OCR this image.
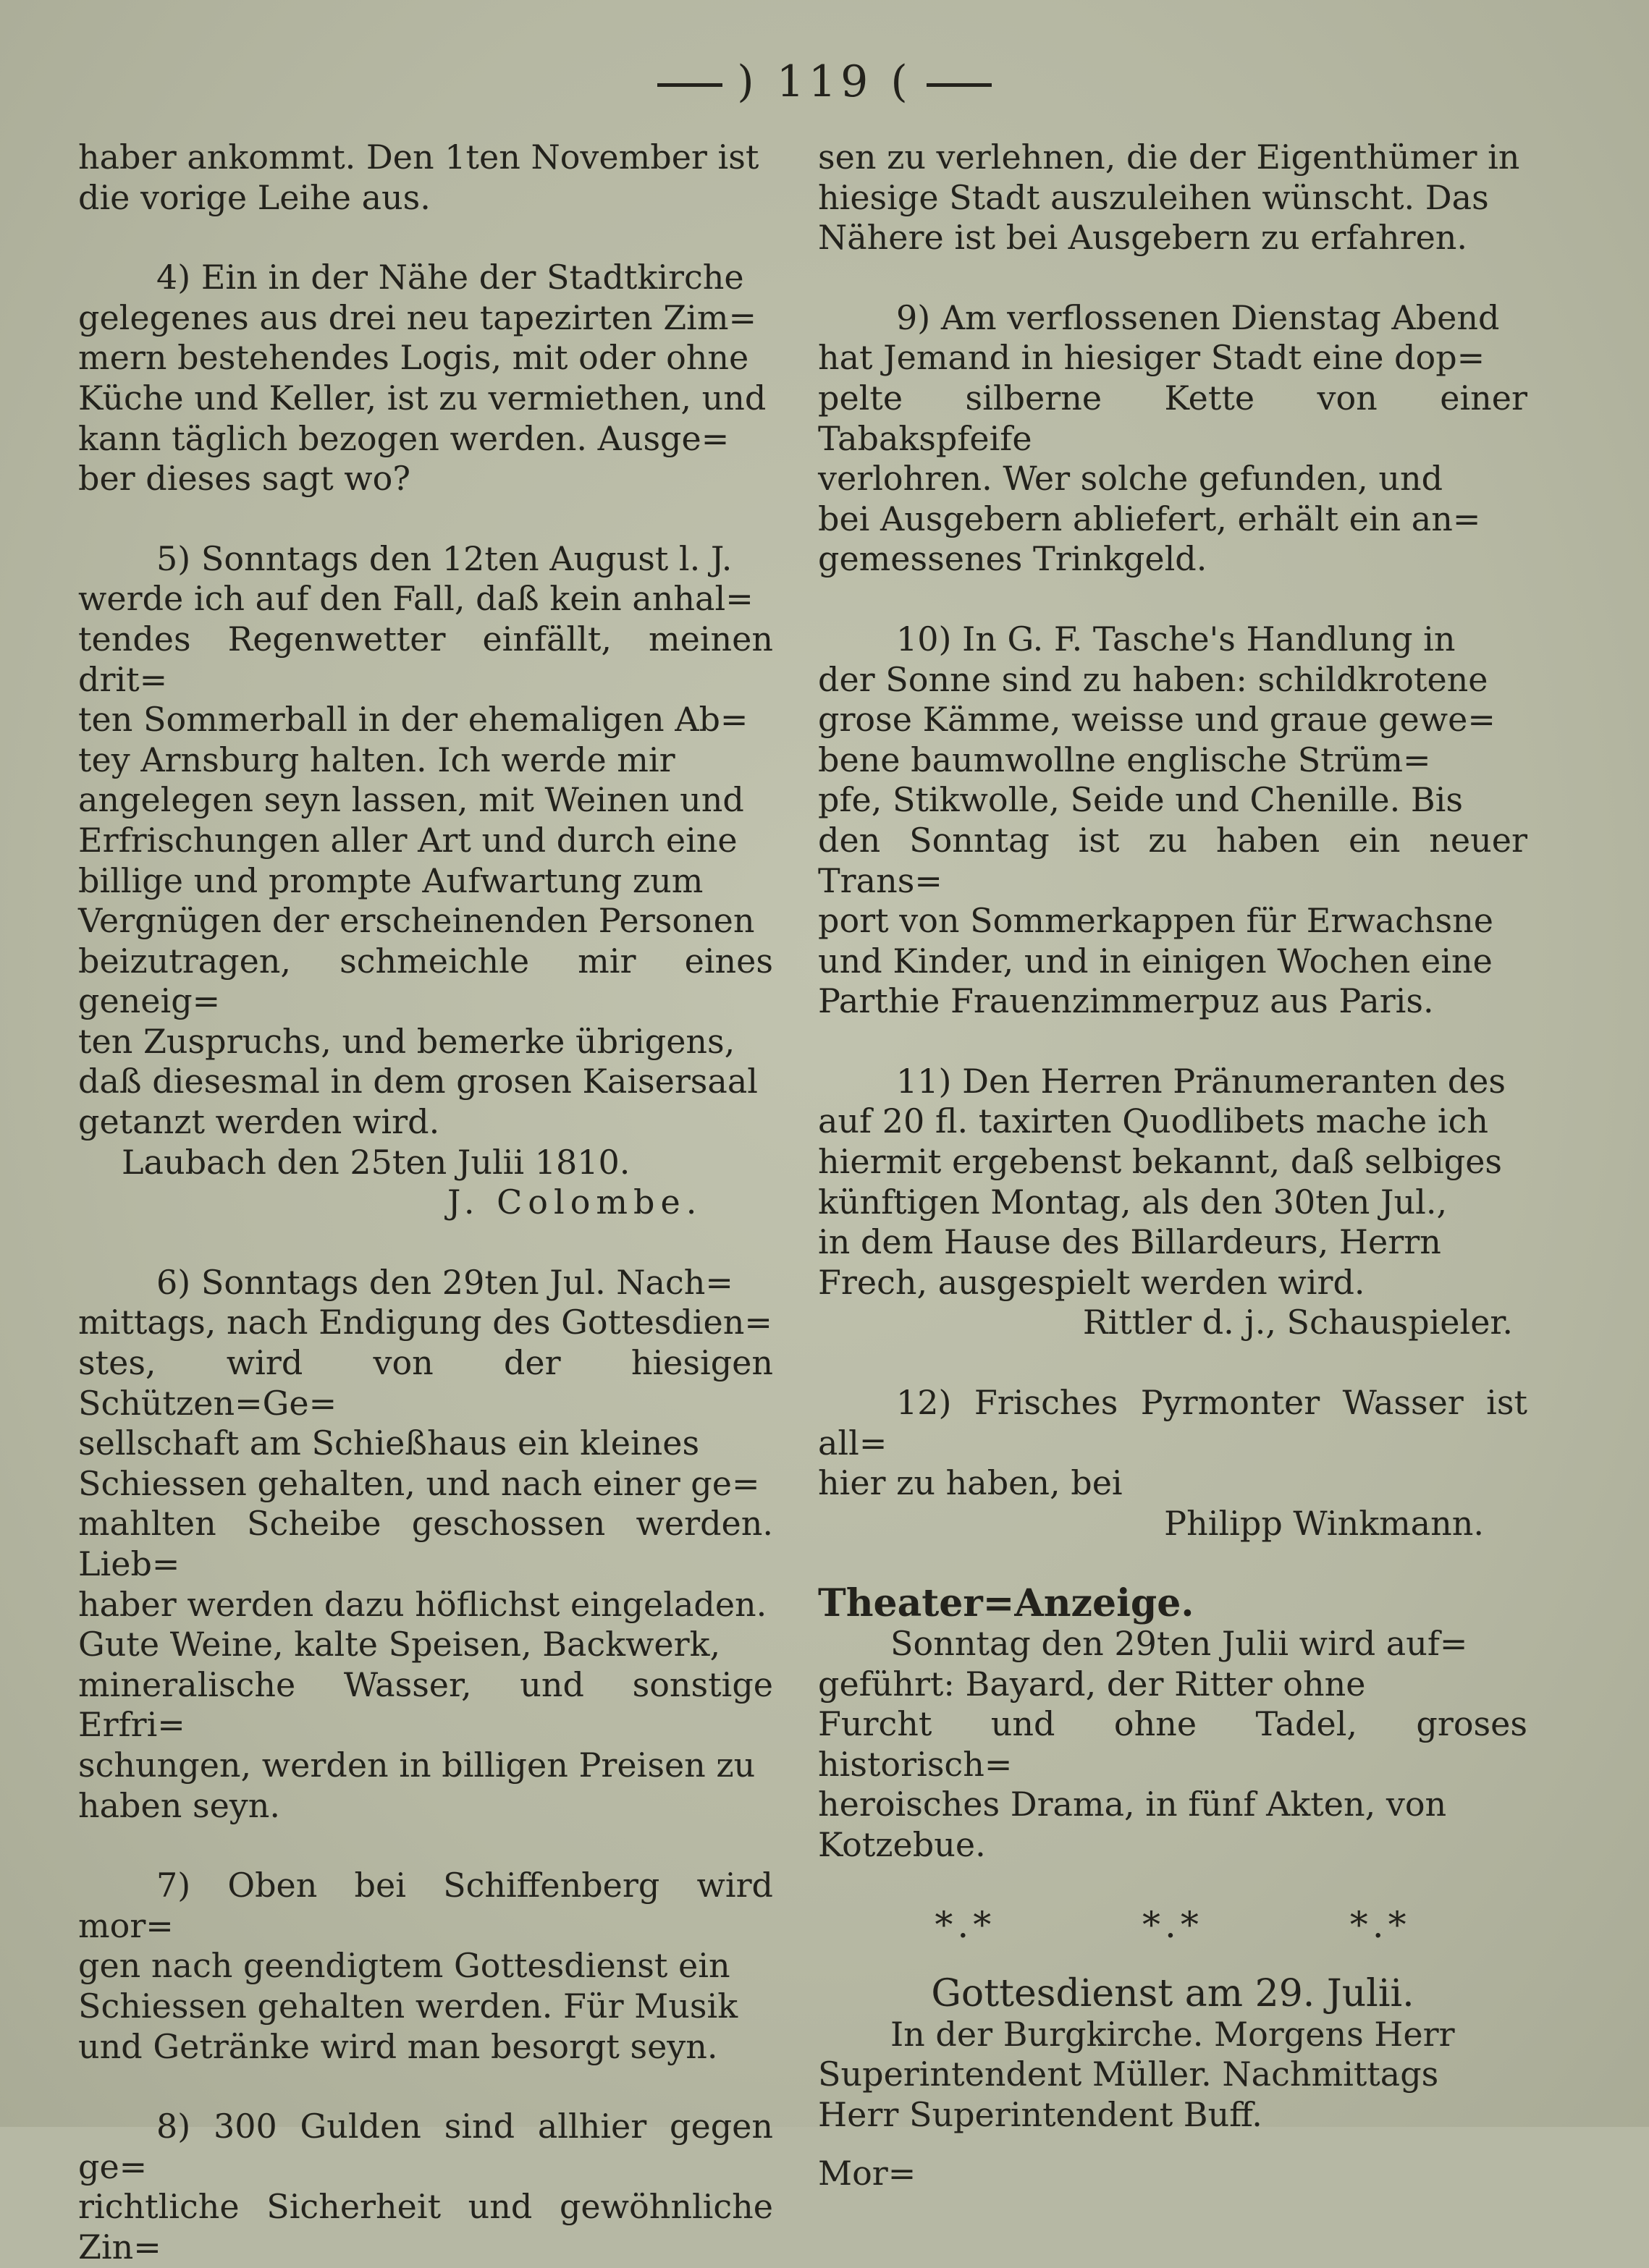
) 119 (

haber ankommt. Den 1ten November ist

die vorige Leihe aus.

4) Ein in der Nähe der Stadtkirche

gelegenes aus drei neu tapezirten Zim=

mern bestehendes Logis, mit oder ohne

Küche und Keller, ist zu vermiethen, und

kann täglich bezogen werden. Ausge=

ber dieses sagt wo?

5) Sonntags den 12ten August l. J.

werde ich auf den Fall, daß kein anhal=

tendes Regenwetter einfällt, meinen drit=

ten Sommerball in der ehemaligen Ab=

tey Arnsburg halten. Ich werde mir

angelegen seyn lassen, mit Weinen und

Erfrischungen aller Art und durch eine

billige und prompte Aufwartung zum

Vergnügen der erscheinenden Personen

beizutragen, schmeichle mir eines geneig=

ten Zuspruchs, und bemerke übrigens,

daß diesesmal in dem grosen Kaisersaal

getanzt werden wird.

Laubach den 25ten Julii 1810.

J. Colombe.

6) Sonntags den 29ten Jul. Nach=

mittags, nach Endigung des Gottesdien=

stes, wird von der hiesigen Schützen=Ge=

sellschaft am Schießhaus ein kleines

Schiessen gehalten, und nach einer ge=

mahlten Scheibe geschossen werden. Lieb=

haber werden dazu höflichst eingeladen.

Gute Weine, kalte Speisen, Backwerk,

mineralische Wasser, und sonstige Erfri=

schungen, werden in billigen Preisen zu

haben seyn.

7) Oben bei Schiffenberg wird mor=

gen nach geendigtem Gottesdienst ein

Schiessen gehalten werden. Für Musik

und Getränke wird man besorgt seyn.

8) 300 Gulden sind allhier gegen ge=

richtliche Sicherheit und gewöhnliche Zin=

sen zu verlehnen, die der Eigenthümer in

hiesige Stadt auszuleihen wünscht. Das

Nähere ist bei Ausgebern zu erfahren.

9) Am verflossenen Dienstag Abend

hat Jemand in hiesiger Stadt eine dop=

pelte silberne Kette von einer Tabakspfeife

verlohren. Wer solche gefunden, und

bei Ausgebern abliefert, erhält ein an=

gemessenes Trinkgeld.

10) In G. F. Tasche's Handlung in

der Sonne sind zu haben: schildkrotene

grose Kämme, weisse und graue gewe=

bene baumwollne englische Strüm=

pfe, Stikwolle, Seide und Chenille. Bis

den Sonntag ist zu haben ein neuer Trans=

port von Sommerkappen für Erwachsne

und Kinder, und in einigen Wochen eine

Parthie Frauenzimmerpuz aus Paris.

11) Den Herren Pränumeranten des

auf 20 fl. taxirten Quodlibets mache ich

hiermit ergebenst bekannt, daß selbiges

künftigen Montag, als den 30ten Jul.,

in dem Hause des Billardeurs, Herrn

Frech, ausgespielt werden wird.

Rittler d. j., Schauspieler.

12) Frisches Pyrmonter Wasser ist all=

hier zu haben, bei

Philipp Winkmann.

Theater=Anzeige.

Sonntag den 29ten Julii wird auf=

geführt: Bayard, der Ritter ohne

Furcht und ohne Tadel, groses historisch=

heroisches Drama, in fünf Akten, von

Kotzebue.

*.*	*.*	*.*

Gottesdienst am 29. Julii.

In der Burgkirche. Morgens Herr

Superintendent Müller. Nachmittags

Herr Superintendent Buff.

Mor=
